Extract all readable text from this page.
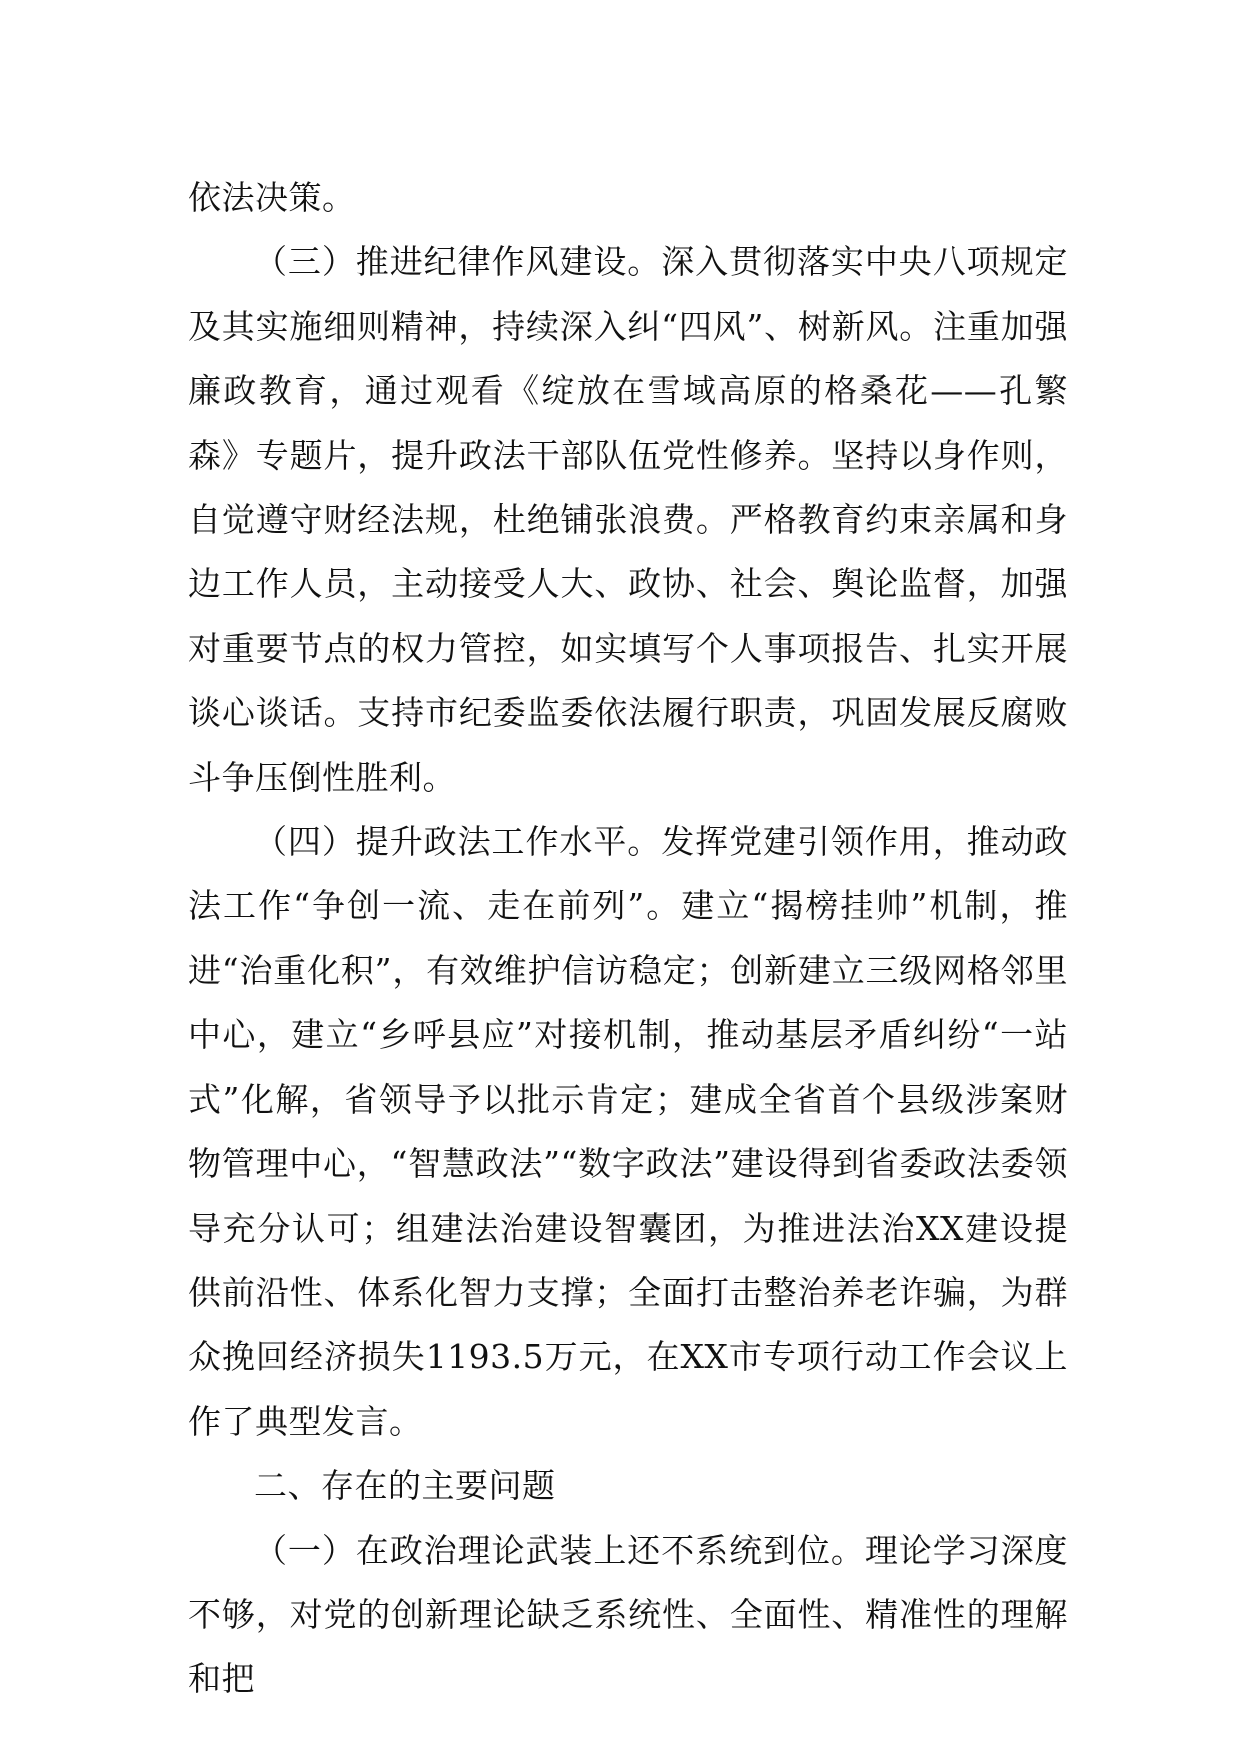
依法决策。

（三）推进纪律作风建设。深入贯彻落实中央八项规定及其实施细则精神，持续深入纠“四风”、树新风。注重加强廉政教育，通过观看《绽放在雪域高原的格桑花——孔繁森》专题片，提升政法干部队伍党性修养。坚持以身作则，自觉遵守财经法规，杜绝铺张浪费。严格教育约束亲属和身边工作人员，主动接受人大、政协、社会、舆论监督，加强对重要节点的权力管控，如实填写个人事项报告、扎实开展谈心谈话。支持市纪委监委依法履行职责，巩固发展反腐败斗争压倒性胜利。

（四）提升政法工作水平。发挥党建引领作用，推动政法工作“争创一流、走在前列”。建立“揭榜挂帅”机制，推进“治重化积”，有效维护信访稳定；创新建立三级网格邻里中心，建立“乡呼县应”对接机制，推动基层矛盾纠纷“一站式”化解，省领导予以批示肯定；建成全省首个县级涉案财物管理中心，“智慧政法”“数字政法”建设得到省委政法委领导充分认可；组建法治建设智囊团，为推进法治XX建设提供前沿性、体系化智力支撑；全面打击整治养老诈骗，为群众挽回经济损失1193.5万元，在XX市专项行动工作会议上作了典型发言。

二、存在的主要问题

（一）在政治理论武装上还不系统到位。理论学习深度不够，对党的创新理论缺乏系统性、全面性、精准性的理解和把
